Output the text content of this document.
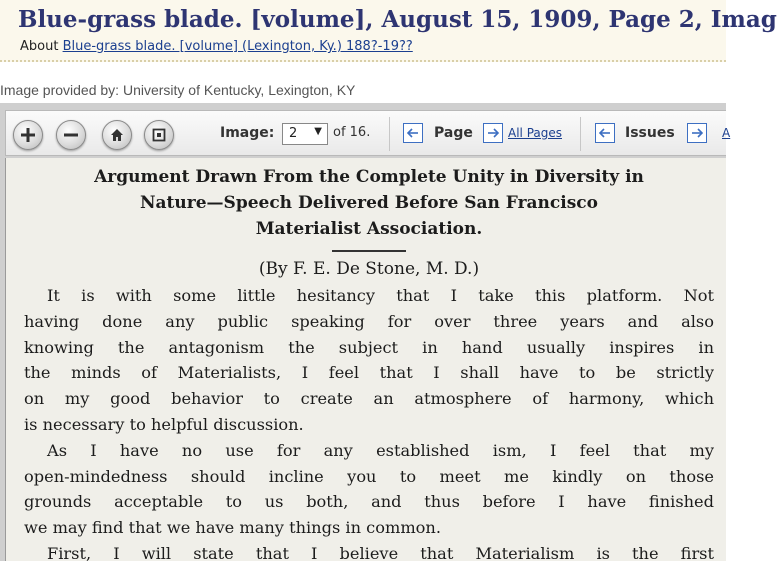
Blue-grass blade. [volume], August 15, 1909, Page 2, Imag
About Blue-grass blade. [volume] (Lexington, Ky.) 188?-19??
Image provided by: University of Kentucky, Lexington, KY
Image:	2 ▼ of 16.	Page	All Pages	Issues	A
Argument Drawn From the Complete Unity in Diversity in
Nature—Speech Delivered Before San Francisco
Materialist Association.
(By F. E. De Stone, M. D.)
It is with some little hesitancy that I take this platform. Not
having done any public speaking for over three years and also
knowing the antagonism the subject in hand usually inspires in
the minds of Materialists, I feel that I shall have to be strictly
on my good behavior to create an atmosphere of harmony, which
is necessary to helpful discussion.
As I have no use for any established ism, I feel that my
open-mindedness should incline you to meet me kindly on those
grounds acceptable to us both, and thus before I have finished
we may find that we have many things in common.
First, I will state that I believe that Materialism is the first
